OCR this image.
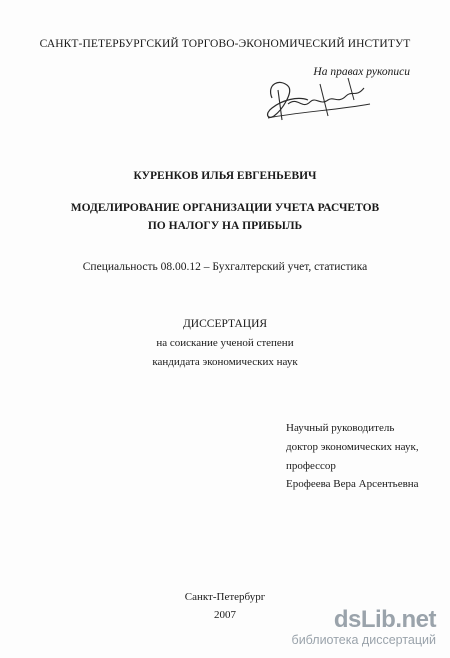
САНКТ-ПЕТЕРБУРГСКИЙ ТОРГОВО-ЭКОНОМИЧЕСКИЙ ИНСТИТУТ
На правах рукописи
КУРЕНКОВ ИЛЬЯ ЕВГЕНЬЕВИЧ
МОДЕЛИРОВАНИЕ ОРГАНИЗАЦИИ УЧЕТА РАСЧЕТОВ
ПО НАЛОГУ НА ПРИБЫЛЬ
Специальность 08.00.12 – Бухгалтерский учет, статистика
ДИССЕРТАЦИЯ
на соискание ученой степени
кандидата экономических наук
Научный руководитель
доктор экономических наук,
профессор
Ерофеева Вера Арсентьевна
Санкт-Петербург
2007	dsLib.net
библиотека диссертаций
